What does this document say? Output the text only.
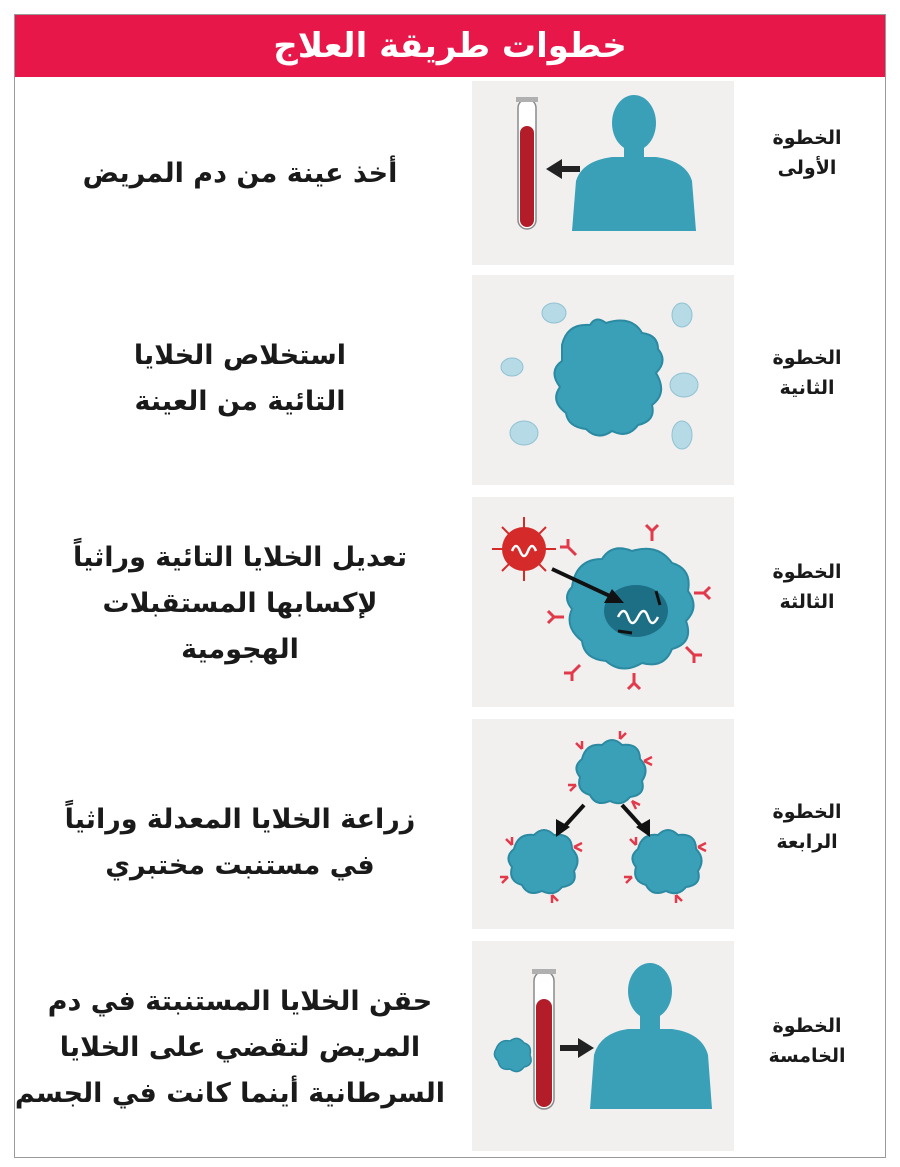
خطوات طريقة العلاج
الخطوة
الأولى
أخذ عينة من دم المريض
الخطوة
الثانية
استخلاص الخلايا
التائية من العينة
الخطوة
الثالثة
تعديل الخلايا التائية وراثياً
لإكسابها المستقبلات
الهجومية
الخطوة
الرابعة
زراعة الخلايا المعدلة وراثياً
في مستنبت مختبري
الخطوة
الخامسة
حقن الخلايا المستنبتة في دم
المريض لتقضي على الخلايا
السرطانية أينما كانت في الجسم
